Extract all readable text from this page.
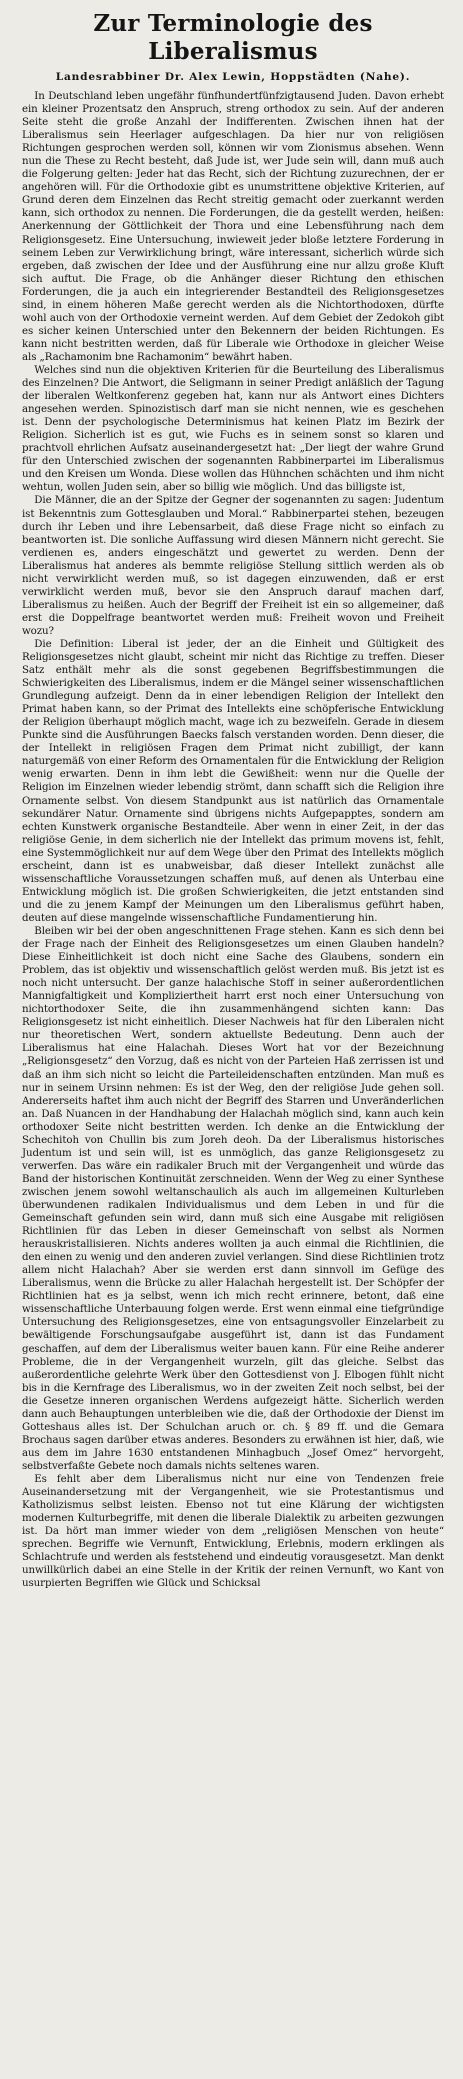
Zur Terminologie des Liberalismus
Landesrabbiner Dr. Alex Lewin, Hoppstädten (Nahe).

In Deutschland leben ungefähr fünfhundertfünfzigtausend Juden. Davon erhebt ein kleiner Prozentsatz den Anspruch, streng orthodox zu sein. Auf der anderen Seite steht die große Anzahl der Indifferenten. Zwischen ihnen hat der Liberalismus sein Heerlager aufgeschlagen. Da hier nur von religiösen Richtungen gesprochen werden soll, können wir vom Zionismus absehen. Wenn nun die These zu Recht besteht, daß Jude ist, wer Jude sein will, dann muß auch die Folgerung gelten: Jeder hat das Recht, sich der Richtung zuzurechnen, der er angehören will. Für die Orthodoxie gibt es unumstrittene objektive Kriterien, auf Grund deren dem Einzelnen das Recht streitig gemacht oder zuerkannt werden kann, sich orthodox zu nennen. Die Forderungen, die da gestellt werden, heißen: Anerkennung der Göttlichkeit der Thora und eine Lebensführung nach dem Religionsgesetz. Eine Untersuchung, inwieweit jeder bloße letztere Forderung in seinem Leben zur Verwirklichung bringt, wäre interessant, sicherlich würde sich ergeben, daß zwischen der Idee und der Ausführung eine nur allzu große Kluft sich auftut. Die Frage, ob die Anhänger dieser Richtung den ethischen Forderungen, die ja auch ein integrierender Bestandteil des Religionsgesetzes sind, in einem höheren Maße gerecht werden als die Nichtorthodoxen, dürfte wohl auch von der Orthodoxie verneint werden. Auf dem Gebiet der Zedokoh gibt es sicher keinen Unterschied unter den Bekennern der beiden Richtungen. Es kann nicht bestritten werden, daß für Liberale wie Orthodoxe in gleicher Weise als „Rachamonim bne Rachamonim“ bewährt haben.

Welches sind nun die objektiven Kriterien für die Beurteilung des Liberalismus des Einzelnen? Die Antwort, die Seligmann in seiner Predigt anläßlich der Tagung der liberalen Weltkonferenz gegeben hat, kann nur als Antwort eines Dichters angesehen werden. Spinozistisch darf man sie nicht nennen, wie es geschehen ist. Denn der psychologische Determinismus hat keinen Platz im Bezirk der Religion. Sicherlich ist es gut, wie Fuchs es in seinem sonst so klaren und prachtvoll ehrlichen Aufsatz auseinandergesetzt hat: „Der liegt der wahre Grund für den Unterschied zwischen der sogenannten Rabbinerpartei im Liberalismus und den Kreisen um Wonda. Diese wollen das Hühnchen schächten und ihm nicht wehtun, wollen Juden sein, aber so billig wie möglich. Und das billigste ist,

Die Männer, die an der Spitze der Gegner der sogenannten zu sagen: Judentum ist Bekenntnis zum Gottesglauben und Moral.“ Rabbinerpartei stehen, bezeugen durch ihr Leben und ihre Lebensarbeit, daß diese Frage nicht so einfach zu beantworten ist. Die sonliche Auffassung wird diesen Männern nicht gerecht. Sie verdienen es, anders eingeschätzt und gewertet zu werden. Denn der Liberalismus hat anderes als bemmte religiöse Stellung sittlich werden als ob nicht verwirklicht werden muß, so ist dagegen einzuwenden, daß er erst verwirklicht werden muß, bevor sie den Anspruch darauf machen darf, Liberalismus zu heißen. Auch der Begriff der Freiheit ist ein so allgemeiner, daß erst die Doppelfrage beantwortet werden muß: Freiheit wovon und Freiheit wozu?

Die Definition: Liberal ist jeder, der an die Einheit und Gültigkeit des Religionsgesetzes nicht glaubt, scheint mir nicht das Richtige zu treffen. Dieser Satz enthält mehr als die sonst gegebenen Begriffsbestimmungen die Schwierigkeiten des Liberalismus, indem er die Mängel seiner wissenschaftlichen Grundlegung aufzeigt. Denn da in einer lebendigen Religion der Intellekt den Primat haben kann, so der Primat des Intellekts eine schöpferische Entwicklung der Religion überhaupt möglich macht, wage ich zu bezweifeln. Gerade in diesem Punkte sind die Ausführungen Baecks falsch verstanden worden. Denn dieser, die der Intellekt in religiösen Fragen dem Primat nicht zubilligt, der kann naturgemäß von einer Reform des Ornamentalen für die Entwicklung der Religion wenig erwarten. Denn in ihm lebt die Gewißheit: wenn nur die Quelle der Religion im Einzelnen wieder lebendig strömt, dann schafft sich die Religion ihre Ornamente selbst. Von diesem Standpunkt aus ist natürlich das Ornamentale sekundärer Natur. Ornamente sind übrigens nichts Aufgepapptes, sondern am echten Kunstwerk organische Bestandteile. Aber wenn in einer Zeit, in der das religiöse Genie, in dem sicherlich nie der Intellekt das primum movens ist, fehlt, eine Systemmöglichkeit nur auf dem Wege über den Primat des Intellekts möglich erscheint, dann ist es unabweisbar, daß dieser Intellekt zunächst alle wissenschaftliche Voraussetzungen schaffen muß, auf denen als Unterbau eine Entwicklung möglich ist. Die großen Schwierigkeiten, die jetzt entstanden sind und die zu jenem Kampf der Meinungen um den Liberalismus geführt haben, deuten auf diese mangelnde wissenschaftliche Fundamentierung hin.

Bleiben wir bei der oben angeschnittenen Frage stehen. Kann es sich denn bei der Frage nach der Einheit des Religionsgesetzes um einen Glauben handeln? Diese Einheitlichkeit ist doch nicht eine Sache des Glaubens, sondern ein Problem, das ist objektiv und wissenschaftlich gelöst werden muß. Bis jetzt ist es noch nicht untersucht. Der ganze halachische Stoff in seiner außerordentlichen Mannigfaltigkeit und Kompliziertheit harrt erst noch einer Untersuchung von nichtorthodoxer Seite, die ihn zusammenhängend sichten kann: Das Religionsgesetz ist nicht einheitlich. Dieser Nachweis hat für den Liberalen nicht nur theoretischen Wert, sondern aktuellste Bedeutung. Denn auch der Liberalismus hat eine Halachah. Dieses Wort hat vor der Bezeichnung „Religionsgesetz“ den Vorzug, daß es nicht von der Parteien Haß zerrissen ist und daß an ihm sich nicht so leicht die Parteileidenschaften entzünden. Man muß es nur in seinem Ursinn nehmen: Es ist der Weg, den der religiöse Jude gehen soll. Andererseits haftet ihm auch nicht der Begriff des Starren und Unveränderlichen an. Daß Nuancen in der Handhabung der Halachah möglich sind, kann auch kein orthodoxer Seite nicht bestritten werden. Ich denke an die Entwicklung der Schechitoh von Chullin bis zum Joreh deoh. Da der Liberalismus historisches Judentum ist und sein will, ist es unmöglich, das ganze Religionsgesetz zu verwerfen. Das wäre ein radikaler Bruch mit der Vergangenheit und würde das Band der historischen Kontinuität zerschneiden. Wenn der Weg zu einer Synthese zwischen jenem sowohl weltanschaulich als auch im allgemeinen Kulturleben überwundenen radikalen Individualismus und dem Leben in und für die Gemeinschaft gefunden sein wird, dann muß sich eine Ausgabe mit religiösen Richtlinien für das Leben in dieser Gemeinschaft von selbst als Normen herauskristallisieren. Nichts anderes wollten ja auch einmal die Richtlinien, die den einen zu wenig und den anderen zuviel verlangen. Sind diese Richtlinien trotz allem nicht Halachah? Aber sie werden erst dann sinnvoll im Gefüge des Liberalismus, wenn die Brücke zu aller Halachah hergestellt ist. Der Schöpfer der Richtlinien hat es ja selbst, wenn ich mich recht erinnere, betont, daß eine wissenschaftliche Unterbauung folgen werde. Erst wenn einmal eine tiefgründige Untersuchung des Religionsgesetzes, eine von entsagungsvoller Einzelarbeit zu bewältigende Forschungsaufgabe ausgeführt ist, dann ist das Fundament geschaffen, auf dem der Liberalismus weiter bauen kann. Für eine Reihe anderer Probleme, die in der Vergangenheit wurzeln, gilt das gleiche. Selbst das außerordentliche gelehrte Werk über den Gottesdienst von J. Elbogen fühlt nicht bis in die Kernfrage des Liberalismus, wo in der zweiten Zeit noch selbst, bei der die Gesetze inneren organischen Werdens aufgezeigt hätte. Sicherlich werden dann auch Behauptungen unterbleiben wie die, daß der Orthodoxie der Dienst im Gotteshaus alles ist. Der Schulchan aruch or. ch. § 89 ff. und die Gemara Brochaus sagen darüber etwas anderes. Besonders zu erwähnen ist hier, daß, wie aus dem im Jahre 1630 entstandenen Minhagbuch „Josef Omez“ hervorgeht, selbstverfaßte Gebete noch damals nichts seltenes waren.

Es fehlt aber dem Liberalismus nicht nur eine von Tendenzen freie Auseinandersetzung mit der Vergangenheit, wie sie Protestantismus und Katholizismus selbst leisten. Ebenso not tut eine Klärung der wichtigsten modernen Kulturbegriffe, mit denen die liberale Dialektik zu arbeiten gezwungen ist. Da hört man immer wieder von dem „religiösen Menschen von heute“ sprechen. Begriffe wie Vernunft, Entwicklung, Erlebnis, modern erklingen als Schlachtrufe und werden als feststehend und eindeutig vorausgesetzt. Man denkt unwillkürlich dabei an eine Stelle in der Kritik der reinen Vernunft, wo Kant von usurpierten Begriffen wie Glück und Schicksal
